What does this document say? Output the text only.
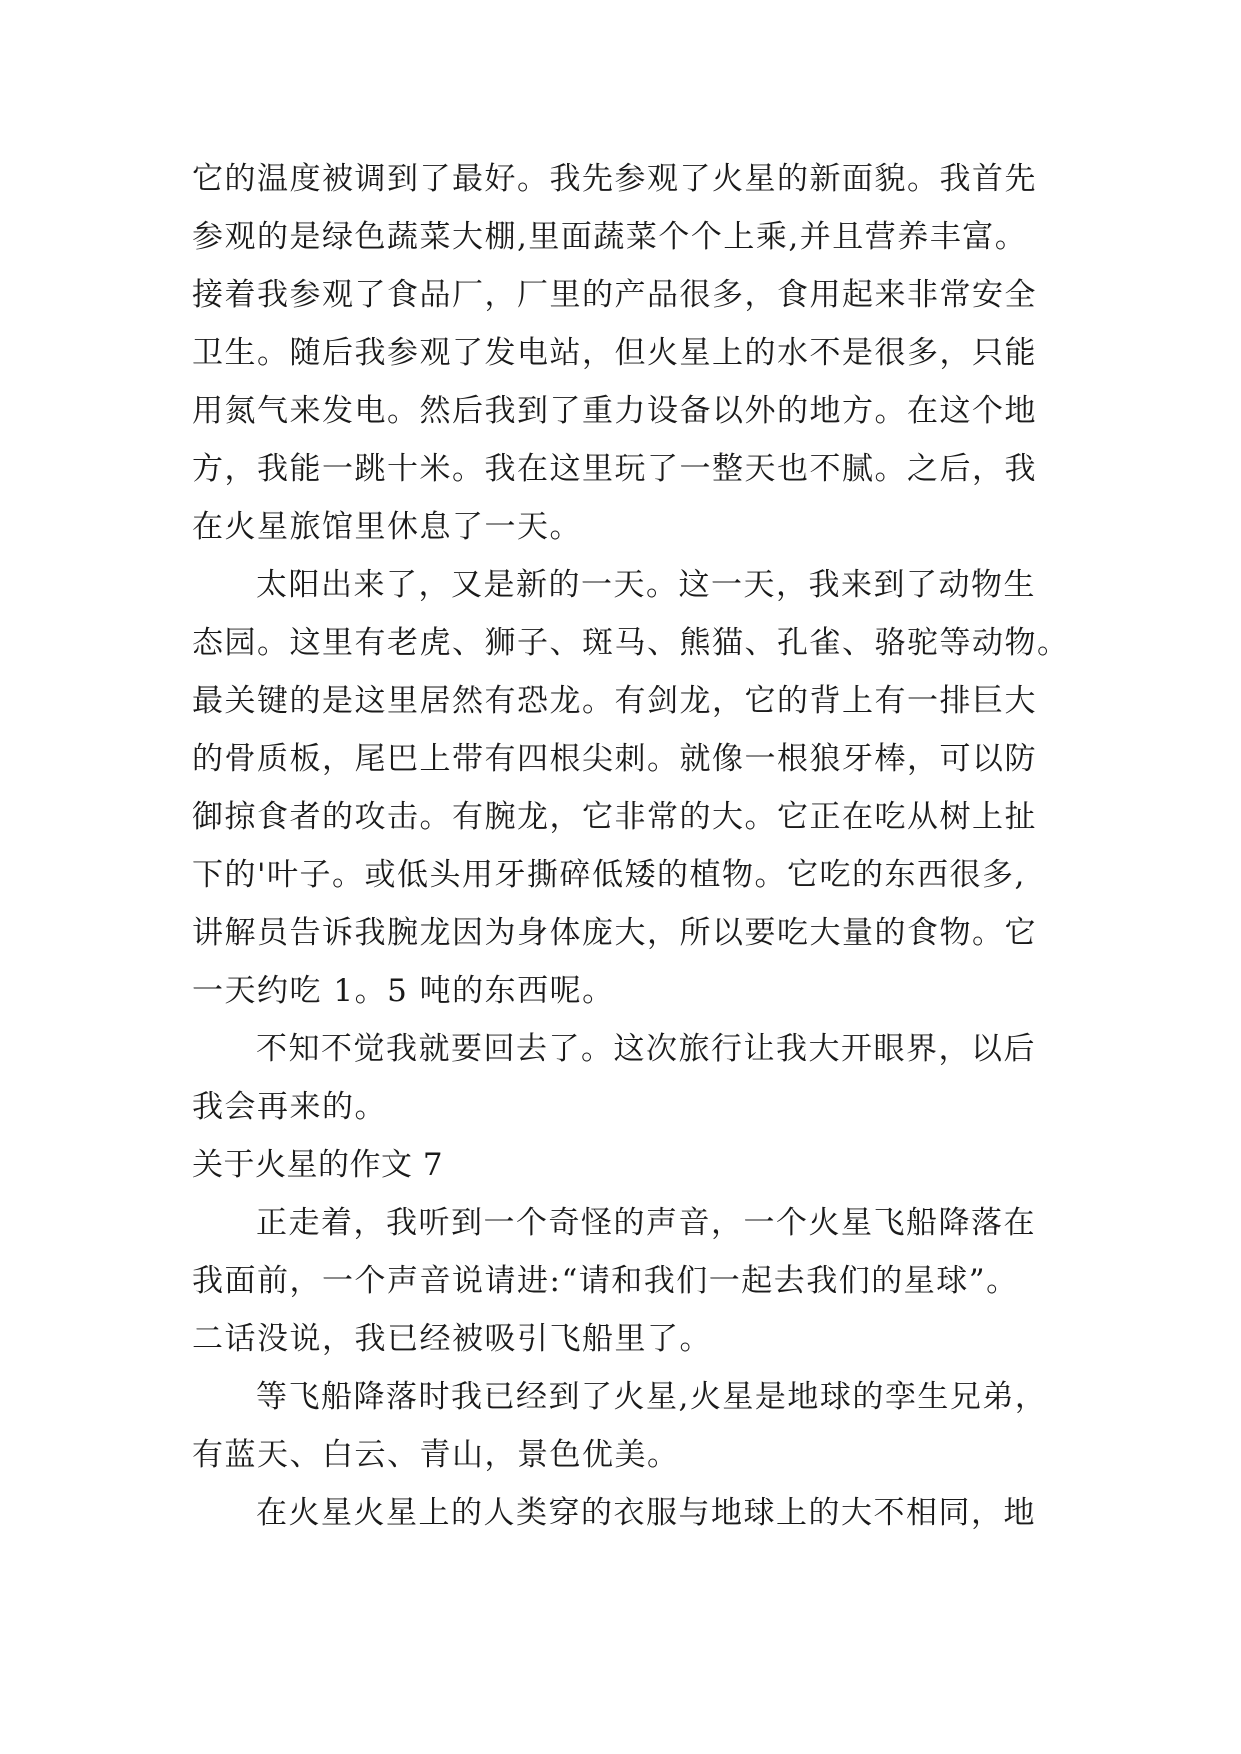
它的温度被调到了最好。我先参观了火星的新面貌。我首先
参观的是绿色蔬菜大棚,里面蔬菜个个上乘,并且营养丰富。
接着我参观了食品厂，厂里的产品很多，食用起来非常安全
卫生。随后我参观了发电站，但火星上的水不是很多，只能
用氮气来发电。然后我到了重力设备以外的地方。在这个地
方，我能一跳十米。我在这里玩了一整天也不腻。之后，我
在火星旅馆里休息了一天。
太阳出来了，又是新的一天。这一天，我来到了动物生
态园。这里有老虎、狮子、斑马、熊猫、孔雀、骆驼等动物。
最关键的是这里居然有恐龙。有剑龙，它的背上有一排巨大
的骨质板，尾巴上带有四根尖刺。就像一根狼牙棒，可以防
御掠食者的攻击。有腕龙，它非常的大。它正在吃从树上扯
下的'叶子。或低头用牙撕碎低矮的植物。它吃的东西很多,
讲解员告诉我腕龙因为身体庞大，所以要吃大量的食物。它
一天约吃 1。5 吨的东西呢。
不知不觉我就要回去了。这次旅行让我大开眼界，以后
我会再来的。
关于火星的作文 7
正走着，我听到一个奇怪的声音，一个火星飞船降落在
我面前，一个声音说请进:“请和我们一起去我们的星球”。
二话没说，我已经被吸引飞船里了。
等飞船降落时我已经到了火星,火星是地球的孪生兄弟，
有蓝天、白云、青山，景色优美。
在火星火星上的人类穿的衣服与地球上的大不相同，地
